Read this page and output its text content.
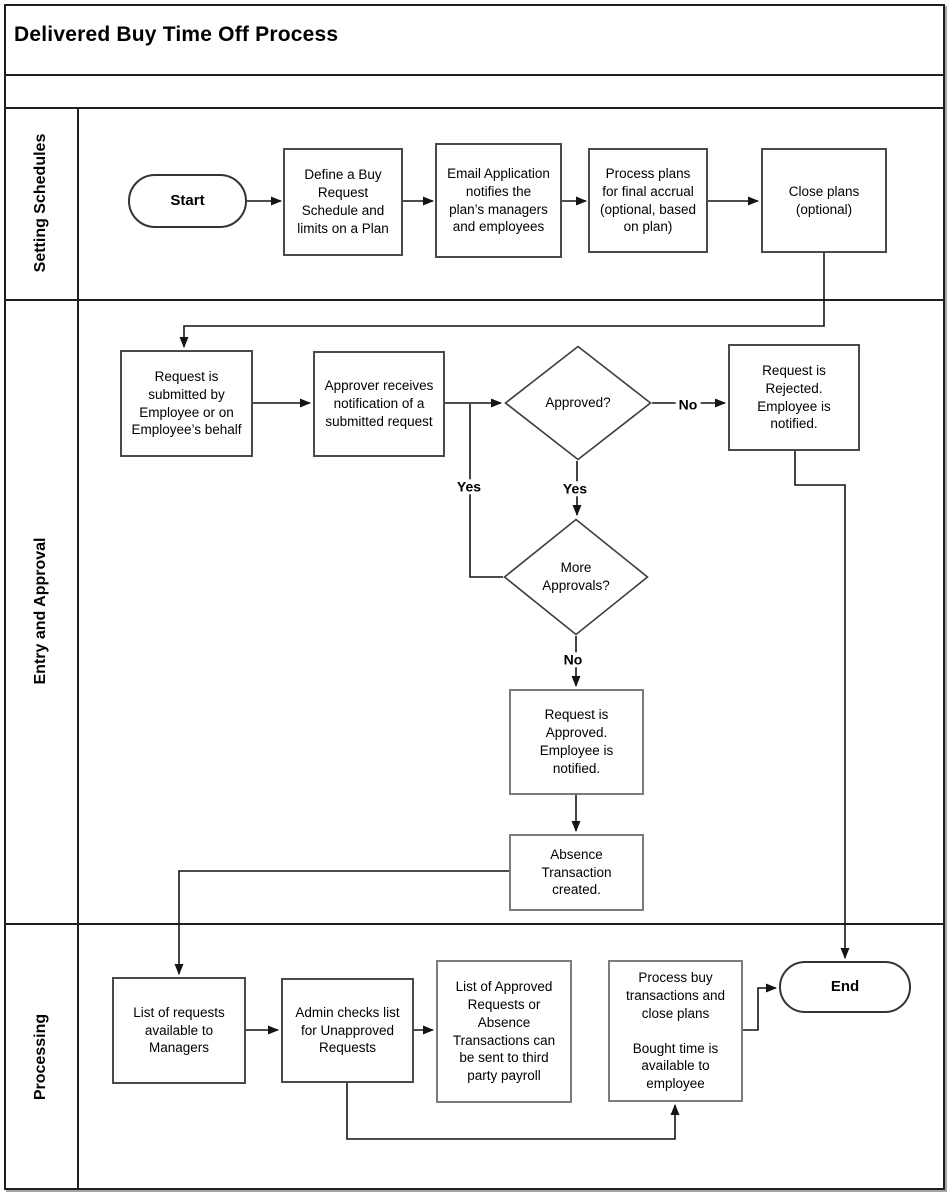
Delivered Buy Time Off Process
Setting Schedules
Entry and Approval
Processing
Start
Define a Buy Request Schedule and limits on a Plan
Email Application notifies the plan’s managers and employees
Process plans for final accrual (optional, based on plan)
Close plans (optional)
Request is submitted by Employee or on Employee’s behalf
Approver receives notification of a submitted request
Approved?
Request is Rejected. Employee is notified.
More Approvals?
Request is Approved. Employee is notified.
Absence Transaction created.
No
Yes
Yes
No
List of requests available to Managers
Admin checks list for Unapproved Requests
List of Approved Requests or Absence Transactions can be sent to third party payroll
Process buy transactions and close plans
Bought time is available to employee
End
